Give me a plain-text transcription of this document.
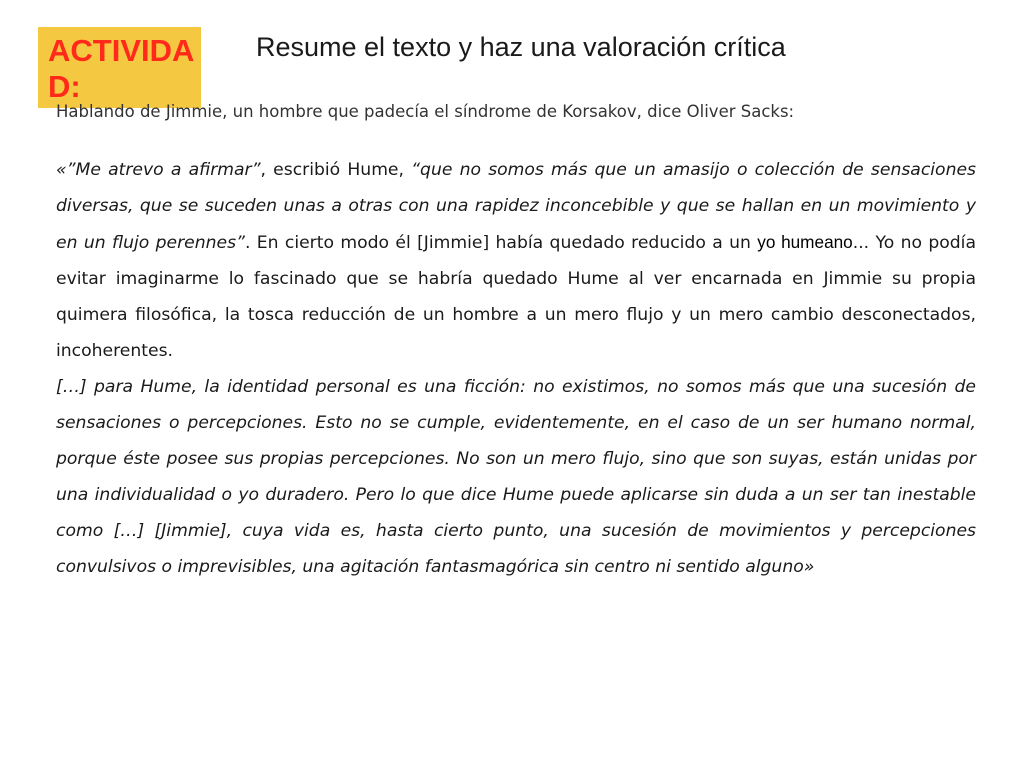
ACTIVIDAD:
Resume el texto y haz una valoración crítica

Hablando de Jimmie, un hombre que padecía el síndrome de Korsakov, dice Oliver Sacks:

«”Me atrevo a afirmar”, escribió Hume, “que no somos más que un amasijo o colección de sensaciones diversas, que se suceden unas a otras con una rapidez inconcebible y que se hallan en un movimiento y en un flujo perennes”. En cierto modo él [Jimmie] había quedado reducido a un yo humeano... Yo no podía evitar imaginarme lo fascinado que se habría quedado Hume al ver encarnada en Jimmie su propia quimera filosófica, la tosca reducción de un hombre a un mero flujo y un mero cambio desconectados, incoherentes.

[…] para Hume, la identidad personal es una ficción: no existimos, no somos más que una sucesión de sensaciones o percepciones. Esto no se cumple, evidentemente, en el caso de un ser humano normal, porque éste posee sus propias percepciones. No son un mero flujo, sino que son suyas, están unidas por una individualidad o yo duradero. Pero lo que dice Hume puede aplicarse sin duda a un ser tan inestable como […] [Jimmie], cuya vida es, hasta cierto punto, una sucesión de movimientos y percepciones convulsivos o imprevisibles, una agitación fantasmagórica sin centro ni sentido alguno»
